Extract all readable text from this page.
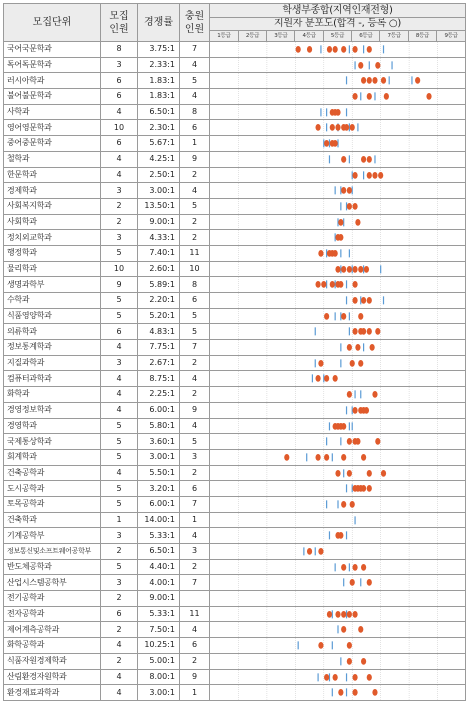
모집단위	모집
인원	경쟁률	충원
인원	학생부종합(지역인재전형)
지원자 분포도(합격 -, 등록 ○)

1등급	2등급	3등급	4등급	5등급	6등급	7등급	8등급	9등급

국어국문학과	8	3.75:1	7	

독어독문학과	3	2.33:1	4	

러시아학과	6	1.83:1	5	

불어불문학과	6	1.83:1	4	

사학과	4	6.50:1	8	

영어영문학과	10	2.30:1	6	

중어중문학과	6	5.67:1	1	

철학과	4	4.25:1	9	

한문학과	4	2.50:1	2	

경제학과	3	3.00:1	4	

사회복지학과	2	13.50:1	5	

사회학과	2	9.00:1	2	

정치외교학과	3	4.33:1	2	

행정학과	5	7.40:1	11	

물리학과	10	2.60:1	10	

생명과학부	9	5.89:1	8	

수학과	5	2.20:1	6	

식품영양학과	5	5.20:1	5	

의류학과	6	4.83:1	5	

정보통계학과	4	7.75:1	7	

지질과학과	3	2.67:1	2	

컴퓨터과학과	4	8.75:1	4	

화학과	4	2.25:1	2	

경영정보학과	4	6.00:1	9	

경영학과	5	5.80:1	4	

국제통상학과	5	3.60:1	5	

회계학과	5	3.00:1	3	

건축공학과	4	5.50:1	2	

도시공학과	5	3.20:1	6	

토목공학과	5	6.00:1	7	

건축학과	1	14.00:1	1	

기계공학부	3	5.33:1	4	

정보통신및소프트웨어공학부	2	6.50:1	3	

반도체공학과	5	4.40:1	2	

산업시스템공학부	3	4.00:1	7	

전기공학과	2	9.00:1		

전자공학과	6	5.33:1	11	

제어계측공학과	2	7.50:1	4	

화학공학과	4	10.25:1	6	

식품자원경제학과	2	5.00:1	2	

산림환경자원학과	4	8.00:1	9	

환경재료과학과	4	3.00:1	1	
